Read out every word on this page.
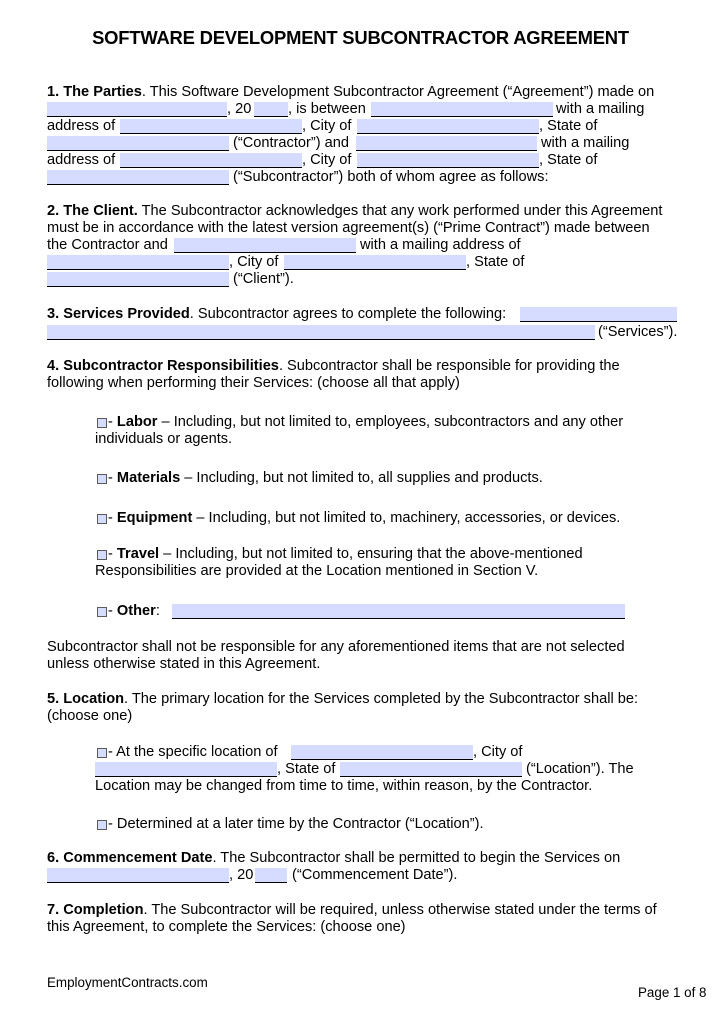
SOFTWARE DEVELOPMENT SUBCONTRACTOR AGREEMENT
1. The Parties. This Software Development Subcontractor Agreement (“Agreement”) made on
, 20	, is between	with a mailing
address of	, City of	, State of
(“Contractor”) and	with a mailing
address of	, City of	, State of
(“Subcontractor”) both of whom agree as follows:
2. The Client. The Subcontractor acknowledges that any work performed under this Agreement
must be in accordance with the latest version agreement(s) (“Prime Contract”) made between
the Contractor and	with a mailing address of
, City of	, State of
(“Client”).
3. Services Provided. Subcontractor agrees to complete the following:
(“Services”).
4. Subcontractor Responsibilities. Subcontractor shall be responsible for providing the
following when performing their Services: (choose all that apply)
- Labor – Including, but not limited to, employees, subcontractors and any other
individuals or agents.
- Materials – Including, but not limited to, all supplies and products.
- Equipment – Including, but not limited to, machinery, accessories, or devices.
- Travel – Including, but not limited to, ensuring that the above-mentioned
Responsibilities are provided at the Location mentioned in Section V.
- Other:
Subcontractor shall not be responsible for any aforementioned items that are not selected
unless otherwise stated in this Agreement.
5. Location. The primary location for the Services completed by the Subcontractor shall be:
(choose one)
- At the specific location of	, City of
, State of	(“Location”). The
Location may be changed from time to time, within reason, by the Contractor.
- Determined at a later time by the Contractor (“Location”).
6. Commencement Date. The Subcontractor shall be permitted to begin the Services on
, 20	(“Commencement Date”).
7. Completion. The Subcontractor will be required, unless otherwise stated under the terms of
this Agreement, to complete the Services: (choose one)
EmploymentContracts.com
Page 1 of 8
